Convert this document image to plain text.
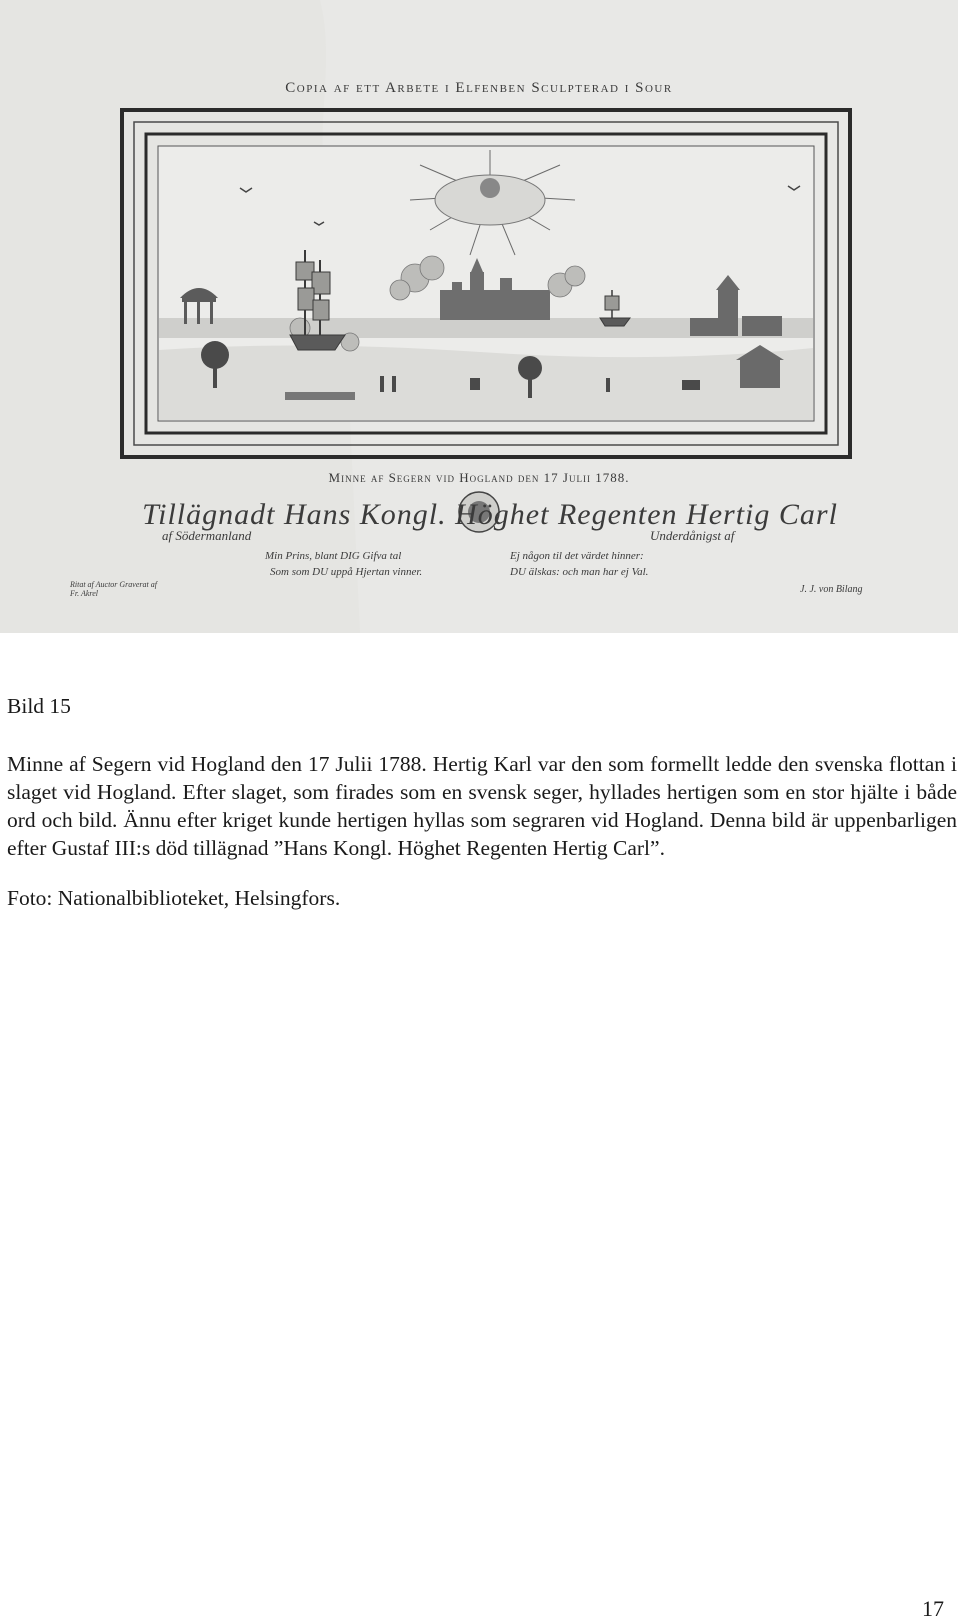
Copia af ett Arbete i Elfenben Sculpterad i Sour
Minne af Segern vid Hogland den 17 Julii 1788.
Tillägnadt Hans Kongl. Höghet Regenten Hertig Carl
af Södermanland	Underdånigst af
Min Prins, blant DIG Gifva tal
Som som DU uppå Hjertan vinner.
Ej någon til det värdet hinner:
DU älskas: och man har ej Val.
Ritat af Auctor Graverat af Fr. Akrel	J. J. von Bilang

Bild 15

Minne af Segern vid Hogland den 17 Julii 1788. Hertig Karl var den som formellt ledde den svenska flottan i slaget vid Hogland. Efter slaget, som firades som en svensk seger, hyllades hertigen som en stor hjälte i både ord och bild. Ännu efter kriget kunde hertigen hyllas som segraren vid Hogland. Denna bild är uppenbarligen efter Gustaf III:s död tillägnad ”Hans Kongl. Höghet Regenten Hertig Carl”.

Foto: Nationalbiblioteket, Helsingfors.

17
